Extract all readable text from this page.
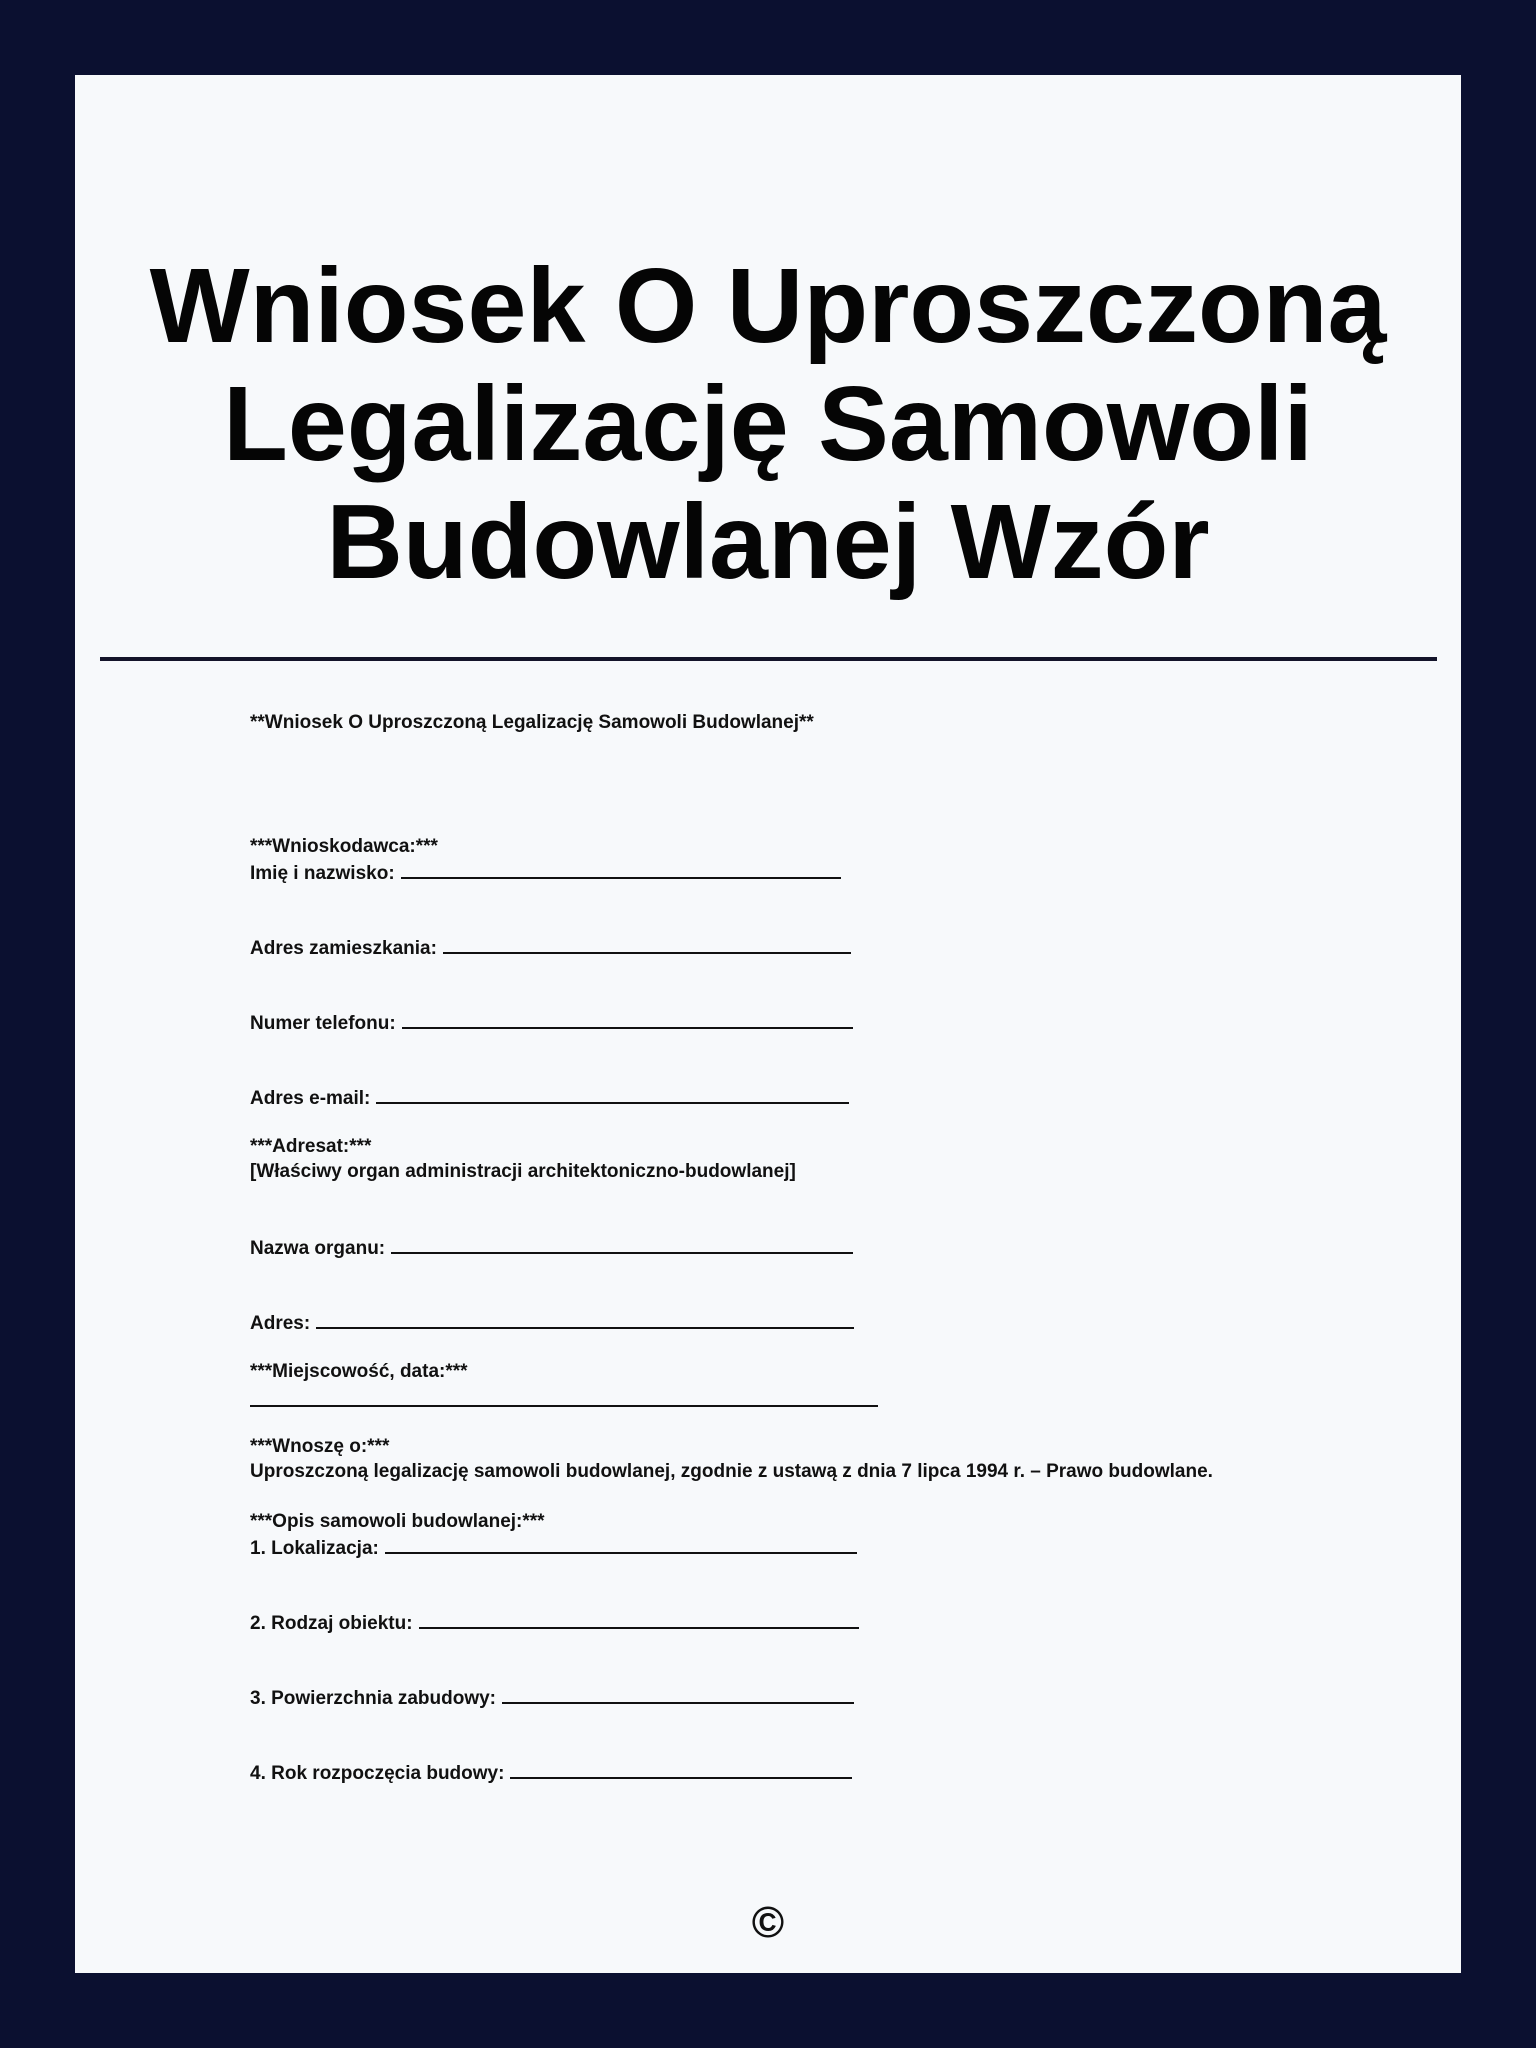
Wniosek O Uproszczoną
Legalizację Samowoli
Budowlanej Wzór
**Wniosek O Uproszczoną Legalizację Samowoli Budowlanej**
***Wnioskodawca:***
Imię i nazwisko:
Adres zamieszkania:
Numer telefonu:
Adres e-mail:
***Adresat:***
[Właściwy organ administracji architektoniczno-budowlanej]
Nazwa organu:
Adres:
***Miejscowość, data:***
***Wnoszę o:***
Uproszczoną legalizację samowoli budowlanej, zgodnie z ustawą z dnia 7 lipca 1994 r. – Prawo budowlane.
***Opis samowoli budowlanej:***
1. Lokalizacja:
2. Rodzaj obiektu:
3. Powierzchnia zabudowy:
4. Rok rozpoczęcia budowy:
©
